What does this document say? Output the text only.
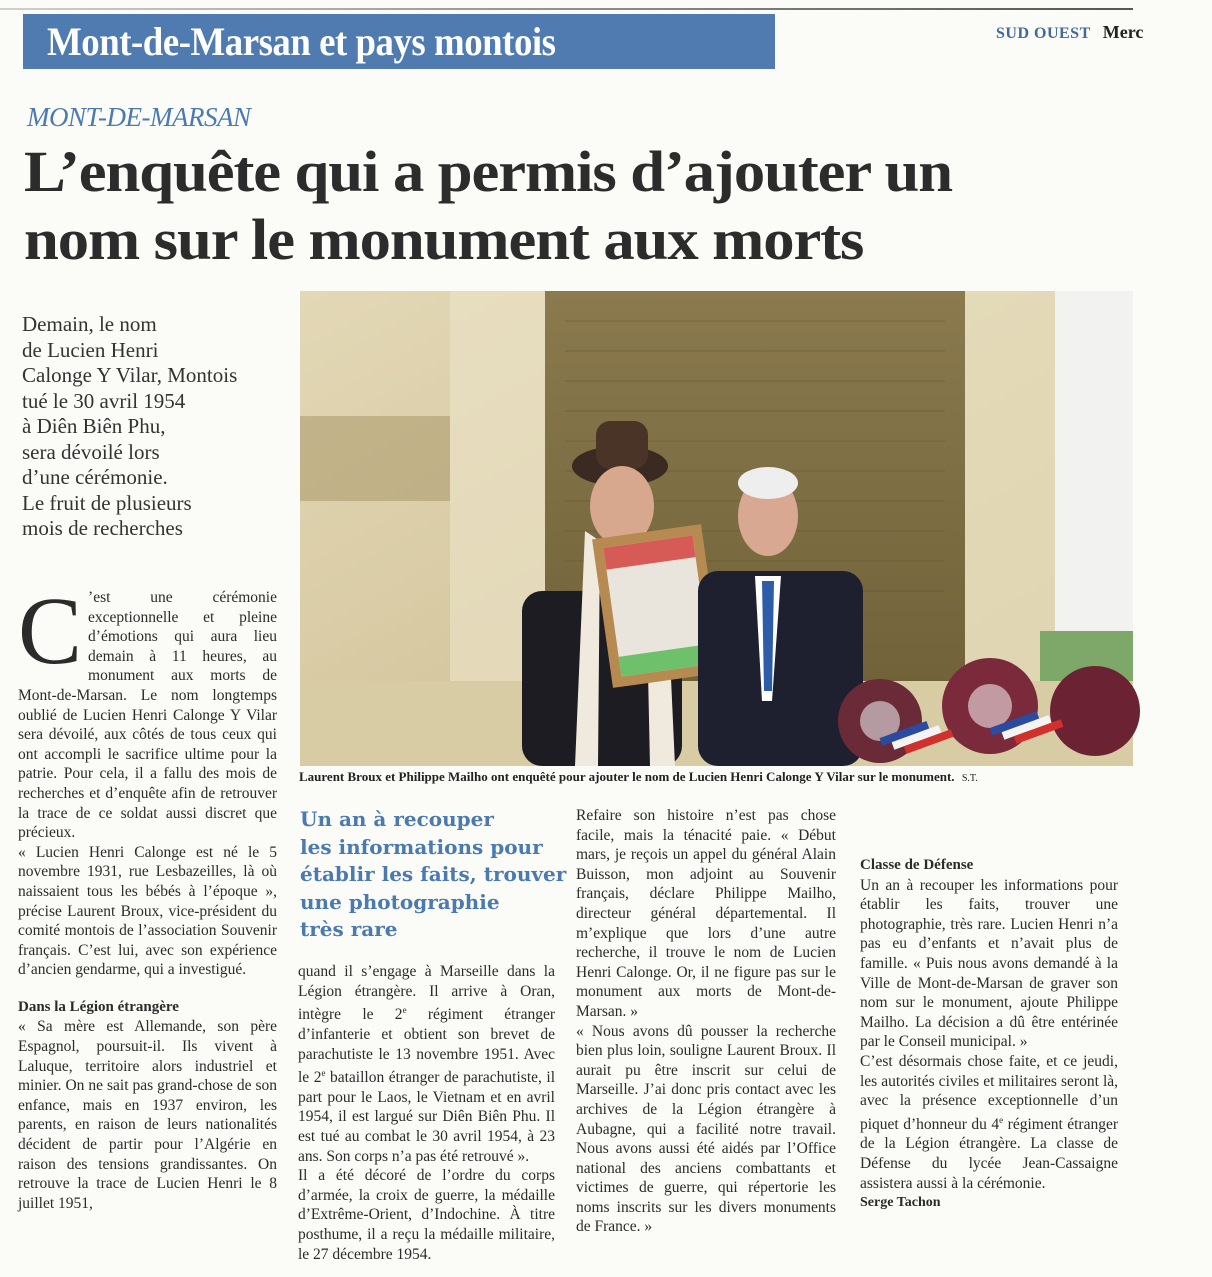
Mont-de-Marsan et pays montois	SUD OUEST Merc
MONT-DE-MARSAN
L’enquête qui a permis d’ajouter un
nom sur le monument aux morts
Demain, le nom
de Lucien Henri
Calonge Y Vilar, Montois
tué le 30 avril 1954
à Diên Biên Phu,
sera dévoilé lors
d’une cérémonie.
Le fruit de plusieurs
mois de recherches
Laurent Broux et Philippe Mailho ont enquêté pour ajouter le nom de Lucien Henri Calonge Y Vilar sur le monument. S.T.

C ’est une cérémonie exceptionnelle et pleine d’émotions qui aura lieu demain à 11 heures, au monument aux morts de Mont-de-Marsan. Le nom longtemps oublié de Lucien Henri Calonge Y Vilar sera dévoilé, aux côtés de tous ceux qui ont accompli le sacrifice ultime pour la patrie. Pour cela, il a fallu des mois de recherches et d’enquête afin de retrouver la trace de ce soldat aussi discret que précieux.

« Lucien Henri Calonge est né le 5 novembre 1931, rue Lesbazeilles, là où naissaient tous les bébés à l’époque », précise Laurent Broux, vice-président du comité montois de l’association Souvenir français. C’est lui, avec son expérience d’ancien gendarme, qui a investigué.

Dans la Légion étrangère

« Sa mère est Allemande, son père Espagnol, poursuit-il. Ils vivent à Laluque, territoire alors industriel et minier. On ne sait pas grand-chose de son enfance, mais en 1937 environ, les parents, en raison de leurs nationalités décident de partir pour l’Algérie en raison des tensions grandissantes. On retrouve la trace de Lucien Henri le 8 juillet 1951,

Un an à recouper
les informations pour
établir les faits, trouver
une photographie
très rare

quand il s’engage à Marseille dans la Légion étrangère. Il arrive à Oran, intègre le 2e régiment étranger d’infanterie et obtient son brevet de parachutiste le 13 novembre 1951. Avec le 2e bataillon étranger de parachutiste, il part pour le Laos, le Vietnam et en avril 1954, il est largué sur Diên Biên Phu. Il est tué au combat le 30 avril 1954, à 23 ans. Son corps n’a pas été retrouvé ».

Il a été décoré de l’ordre du corps d’armée, la croix de guerre, la médaille d’Extrême-Orient, d’Indochine. À titre posthume, il a reçu la médaille militaire, le 27 décembre 1954.

Refaire son histoire n’est pas chose facile, mais la ténacité paie. « Début mars, je reçois un appel du général Alain Buisson, mon adjoint au Souvenir français, déclare Philippe Mailho, directeur général départemental. Il m’explique que lors d’une autre recherche, il trouve le nom de Lucien Henri Calonge. Or, il ne figure pas sur le monument aux morts de Mont-de-Marsan. »

« Nous avons dû pousser la recherche bien plus loin, souligne Laurent Broux. Il aurait pu être inscrit sur celui de Marseille. J’ai donc pris contact avec les archives de la Légion étrangère à Aubagne, qui a facilité notre travail. Nous avons aussi été aidés par l’Office national des anciens combattants et victimes de guerre, qui répertorie les noms inscrits sur les divers monuments de France. »

Classe de Défense

Un an à recouper les informations pour établir les faits, trouver une photographie, très rare. Lucien Henri n’a pas eu d’enfants et n’avait plus de famille. « Puis nous avons demandé à la Ville de Mont-de-Marsan de graver son nom sur le monument, ajoute Philippe Mailho. La décision a dû être entérinée par le Conseil municipal. »

C’est désormais chose faite, et ce jeudi, les autorités civiles et militaires seront là, avec la présence exceptionnelle d’un piquet d’honneur du 4e régiment étranger de la Légion étrangère. La classe de Défense du lycée Jean-Cassaigne assistera aussi à la cérémonie.

Serge Tachon
